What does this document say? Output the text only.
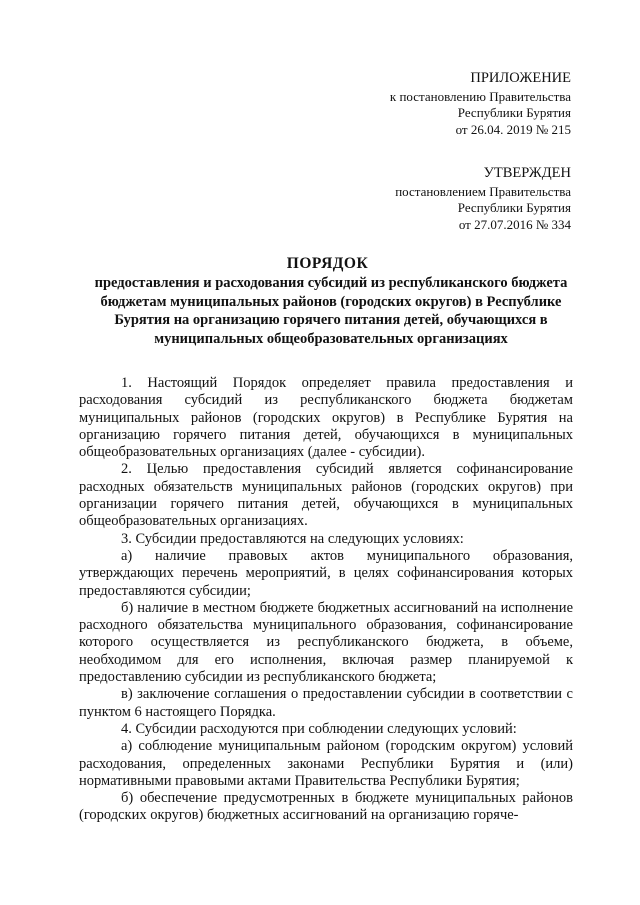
ПРИЛОЖЕНИЕ
к постановлению Правительства
Республики Бурятия
от 26.04. 2019 № 215
УТВЕРЖДЕН
постановлением Правительства
Республики Бурятия
от 27.07.2016 № 334
ПОРЯДОК
предоставления и расходования субсидий из республиканского бюджета бюджетам муниципальных районов (городских округов) в Республике Бурятия на организацию горячего питания детей, обучающихся в муниципальных общеобразовательных организациях

1. Настоящий Порядок определяет правила предоставления и расходования субсидий из республиканского бюджета бюджетам муниципальных районов (городских округов) в Республике Бурятия на организацию горячего питания детей, обучающихся в муниципальных общеобразовательных организациях (далее - субсидии).

2. Целью предоставления субсидий является софинансирование расходных обязательств муниципальных районов (городских округов) при организации горячего питания детей, обучающихся в муниципальных общеобразовательных организациях.

3. Субсидии предоставляются на следующих условиях:

а) наличие правовых актов муниципального образования, утверждающих перечень мероприятий, в целях софинансирования которых предоставляются субсидии;

б) наличие в местном бюджете бюджетных ассигнований на исполнение расходного обязательства муниципального образования, софинансирование которого осуществляется из республиканского бюджета, в объеме, необходимом для его исполнения, включая размер планируемой к предоставлению субсидии из республиканского бюджета;

в) заключение соглашения о предоставлении субсидии в соответствии с пунктом 6 настоящего Порядка.

4. Субсидии расходуются при соблюдении следующих условий:

а) соблюдение муниципальным районом (городским округом) условий расходования, определенных законами Республики Бурятия и (или) нормативными правовыми актами Правительства Республики Бурятия;

б) обеспечение предусмотренных в бюджете муниципальных районов (городских округов) бюджетных ассигнований на организацию горяче-
